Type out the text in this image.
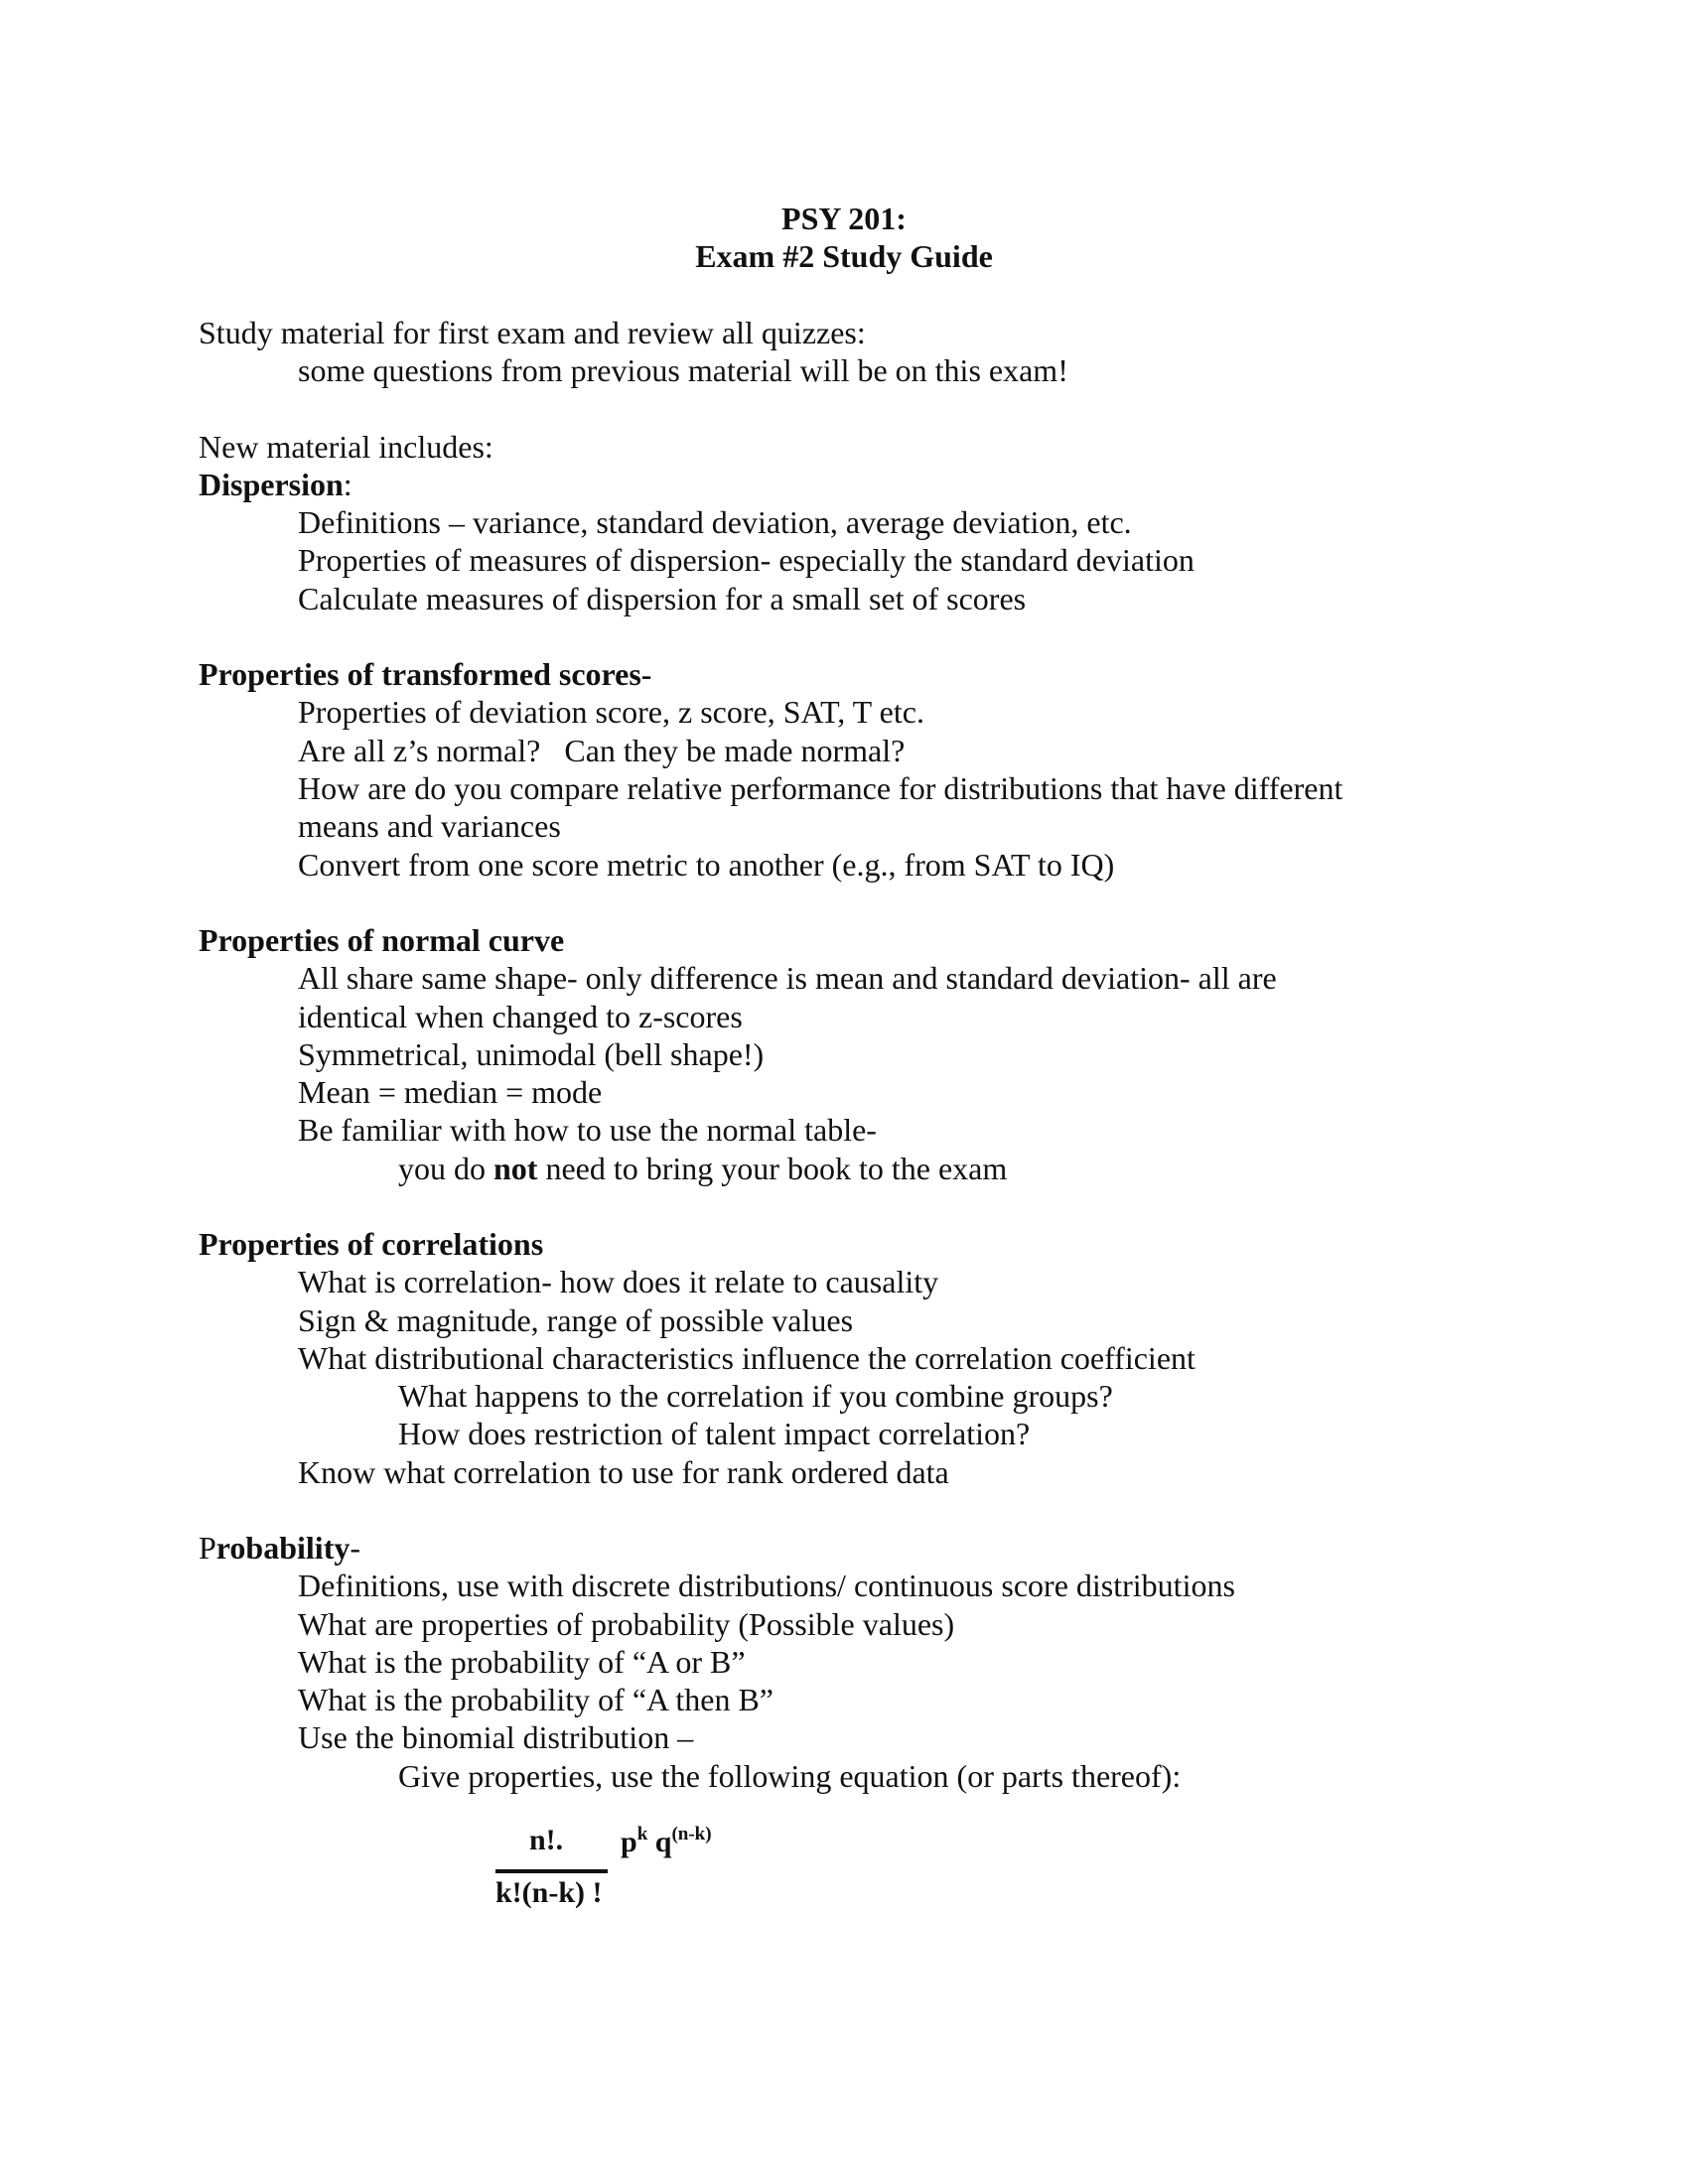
PSY 201:
Exam #2 Study Guide
Study material for first exam and review all quizzes:
some questions from previous material will be on this exam!
New material includes:
Dispersion:
Definitions – variance, standard deviation, average deviation, etc.
Properties of measures of dispersion- especially the standard deviation
Calculate measures of dispersion for a small set of scores
Properties of transformed scores-
Properties of deviation score, z score, SAT, T etc.
Are all z’s normal?   Can they be made normal?
How are do you compare relative performance for distributions that have different
means and variances
Convert from one score metric to another (e.g., from SAT to IQ)
Properties of normal curve
All share same shape- only difference is mean and standard deviation- all are
identical when changed to z-scores
Symmetrical, unimodal (bell shape!)
Mean = median = mode
Be familiar with how to use the normal table-
you do not need to bring your book to the exam
Properties of correlations
What is correlation- how does it relate to causality
Sign & magnitude, range of possible values
What distributional characteristics influence the correlation coefficient
What happens to the correlation if you combine groups?
How does restriction of talent impact correlation?
Know what correlation to use for rank ordered data
Probability-
Definitions, use with discrete distributions/ continuous score distributions
What are properties of probability (Possible values)
What is the probability of “A or B”
What is the probability of “A then B”
Use the binomial distribution –
Give properties, use the following equation (or parts thereof):
n!.
k!(n-k) !
$p^k$ $q^{(n-k)}$
